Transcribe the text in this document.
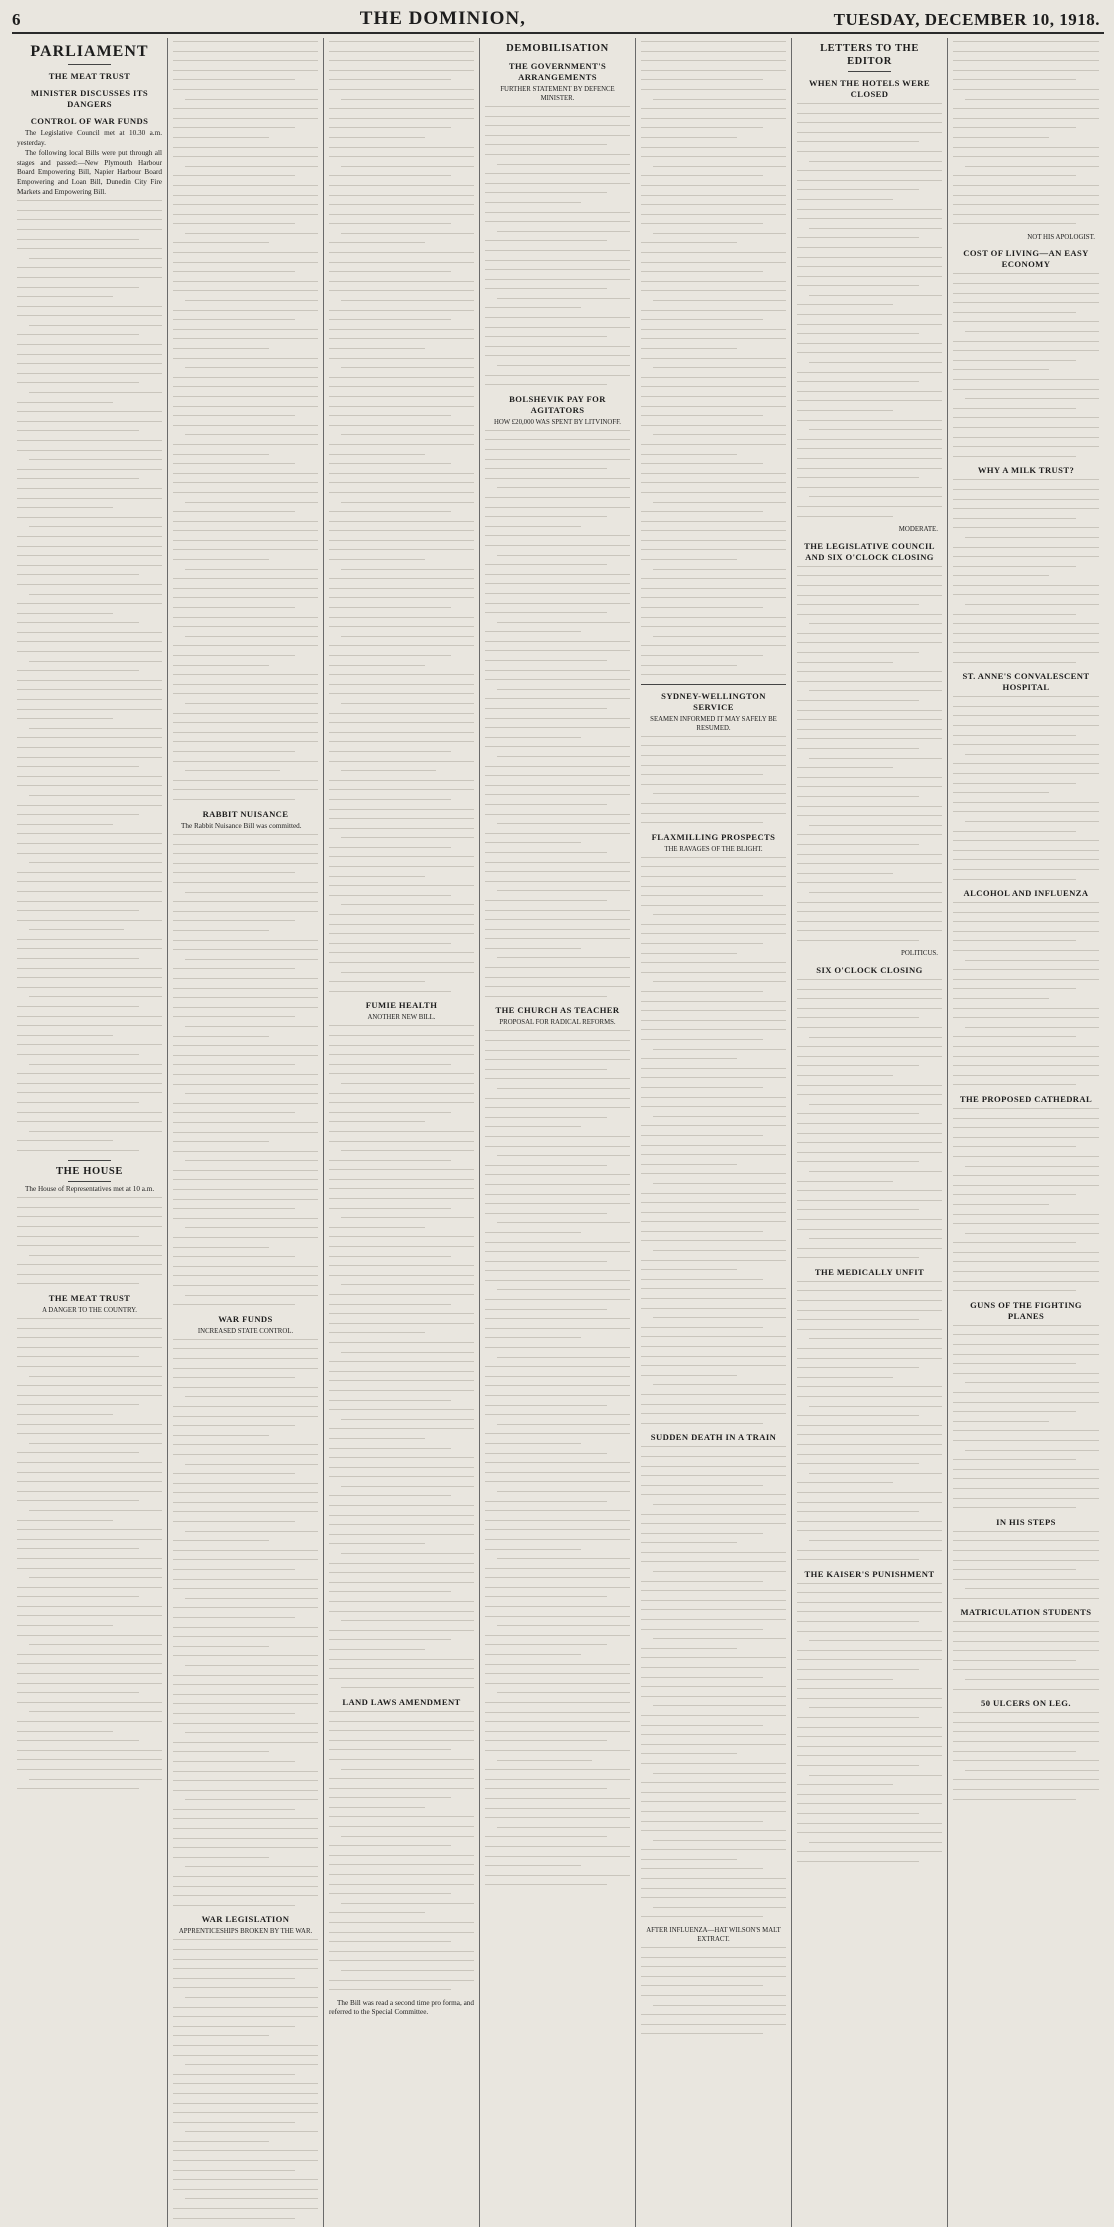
6	THE DOMINION,	TUESDAY, DECEMBER 10, 1918.
PARLIAMENT
THE MEAT TRUST
MINISTER DISCUSSES ITS DANGERS
CONTROL OF WAR FUNDS

The Legislative Council met at 10.30 a.m. yesterday.

The following local Bills were put through all stages and passed:—New Plymouth Harbour Board Empowering Bill, Napier Harbour Board Empowering and Loan Bill, Dunedin City Fire Markets and Empowering Bill.

THE HOUSE

The House of Representatives met at 10 a.m.

THE MEAT TRUST
A DANGER TO THE COUNTRY.
RABBIT NUISANCE

The Rabbit Nuisance Bill was committed.

WAR FUNDS
INCREASED STATE CONTROL.
WAR LEGISLATION
APPRENTICESHIPS BROKEN BY THE WAR.
FUMIE HEALTH
ANOTHER NEW BILL.
LAND LAWS AMENDMENT

The Bill was read a second time pro forma, and referred to the Special Committee.

DEMOBILISATION
THE GOVERNMENT'S ARRANGEMENTS
FURTHER STATEMENT BY DEFENCE MINISTER.
BOLSHEVIK PAY FOR AGITATORS
HOW £20,000 WAS SPENT BY LITVINOFF.
THE CHURCH AS TEACHER
PROPOSAL FOR RADICAL REFORMS.
SYDNEY-WELLINGTON SERVICE
SEAMEN INFORMED IT MAY SAFELY BE RESUMED.
FLAXMILLING PROSPECTS
THE RAVAGES OF THE BLIGHT.
SUDDEN DEATH IN A TRAIN
AFTER INFLUENZA—HAT WILSON'S MALT EXTRACT.
LETTERS TO THE EDITOR
WHEN THE HOTELS WERE CLOSED
MODERATE.
THE LEGISLATIVE COUNCIL AND SIX O'CLOCK CLOSING
POLITICUS.
SIX O'CLOCK CLOSING
THE MEDICALLY UNFIT
THE KAISER'S PUNISHMENT
NOT HIS APOLOGIST.
COST OF LIVING—AN EASY ECONOMY
WHY A MILK TRUST?
ST. ANNE'S CONVALESCENT HOSPITAL
ALCOHOL AND INFLUENZA
THE PROPOSED CATHEDRAL
GUNS OF THE FIGHTING PLANES
IN HIS STEPS
MATRICULATION STUDENTS
50 ULCERS ON LEG.
